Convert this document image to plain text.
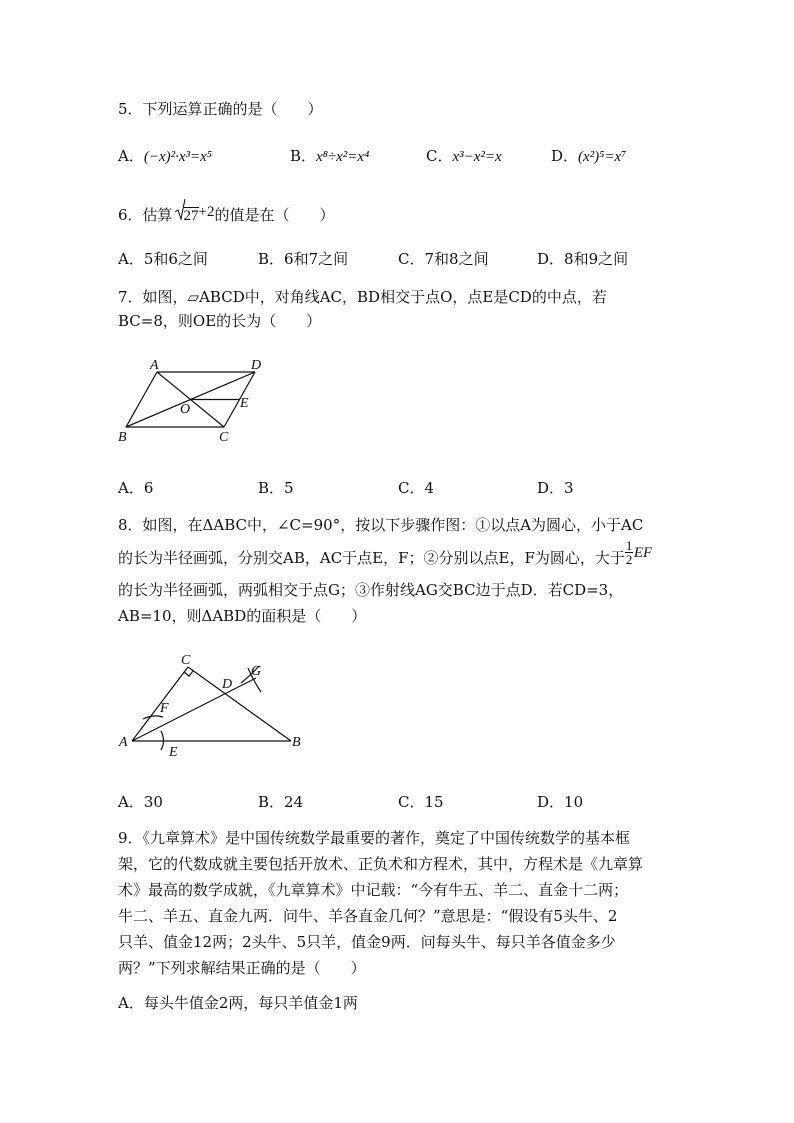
5．下列运算正确的是（　　）
A．(−x)²·x³=x⁵	B．x⁸÷x²=x⁴	C．x³−x²=x	D．(x²)⁵=x⁷
6．估算 27+2的值是在（　　）
A．5和6之间	B．6和7之间	C．7和8之间	D．8和9之间
7．如图，▱ABCD中，对角线AC，BD相交于点O，点E是CD的中点，若
BC=8，则OE的长为（　　）
A	D
O	E
B	C
A．6	B．5	C．4	D．3
8．如图，在ΔABC中，∠C=90°，按以下步骤作图：①以点A为圆心，小于AC
的长为半径画弧，分别交AB，AC于点E，F；②分别以点E，F为圆心，大于
1
2 EF
的长为半径画弧，两弧相交于点G；③作射线AG交BC边于点D．若CD=3，
AB=10，则ΔABD的面积是（　　）
C
D
G
F
A
E
B
A．30	B．24	C．15	D．10
9．《九章算术》是中国传统数学最重要的著作，奠定了中国传统数学的基本框
架，它的代数成就主要包括开放术、正负术和方程术，其中，方程术是《九章算
术》最高的数学成就，《九章算术》中记载：“今有牛五、羊二、直金十二两；
牛二、羊五、直金九两．问牛、羊各直金几何？”意思是：“假设有5头牛、2
只羊、值金12两；2头牛、5只羊，值金9两．问每头牛、每只羊各值金多少
两？”下列求解结果正确的是（　　）
A．每头牛值金2两，每只羊值金1两
